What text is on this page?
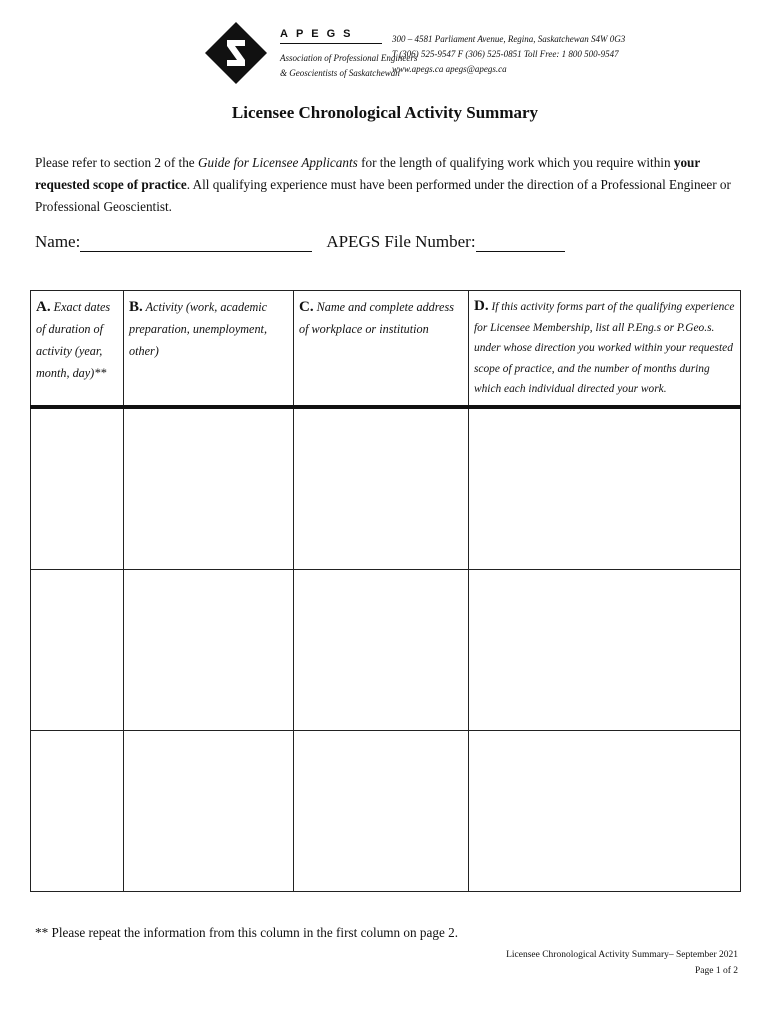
APEGS
Association of Professional Engineers
& Geoscientists of Saskatchewan
300 – 4581 Parliament Avenue, Regina, Saskatchewan S4W 0G3
T (306) 525-9547 F (306) 525-0851 Toll Free: 1 800 500-9547
www.apegs.ca apegs@apegs.ca
Licensee Chronological Activity Summary
Please refer to section 2 of the Guide for Licensee Applicants for the length of qualifying work which you require within your requested scope of practice. All qualifying experience must have been performed under the direction of a Professional Engineer or Professional Geoscientist.
Name:	APEGS File Number:
A. Exact dates of duration of activity (year, month, day)**	B. Activity (work, academic preparation, unemployment, other)	C. Name and complete address of workplace or institution	D. If this activity forms part of the qualifying experience for Licensee Membership, list all P.Eng.s or P.Geo.s. under whose direction you worked within your requested scope of practice, and the number of months during which each individual directed your work.

** Please repeat the information from this column in the first column on page 2.
Licensee Chronological Activity Summary– September 2021
Page 1 of 2
